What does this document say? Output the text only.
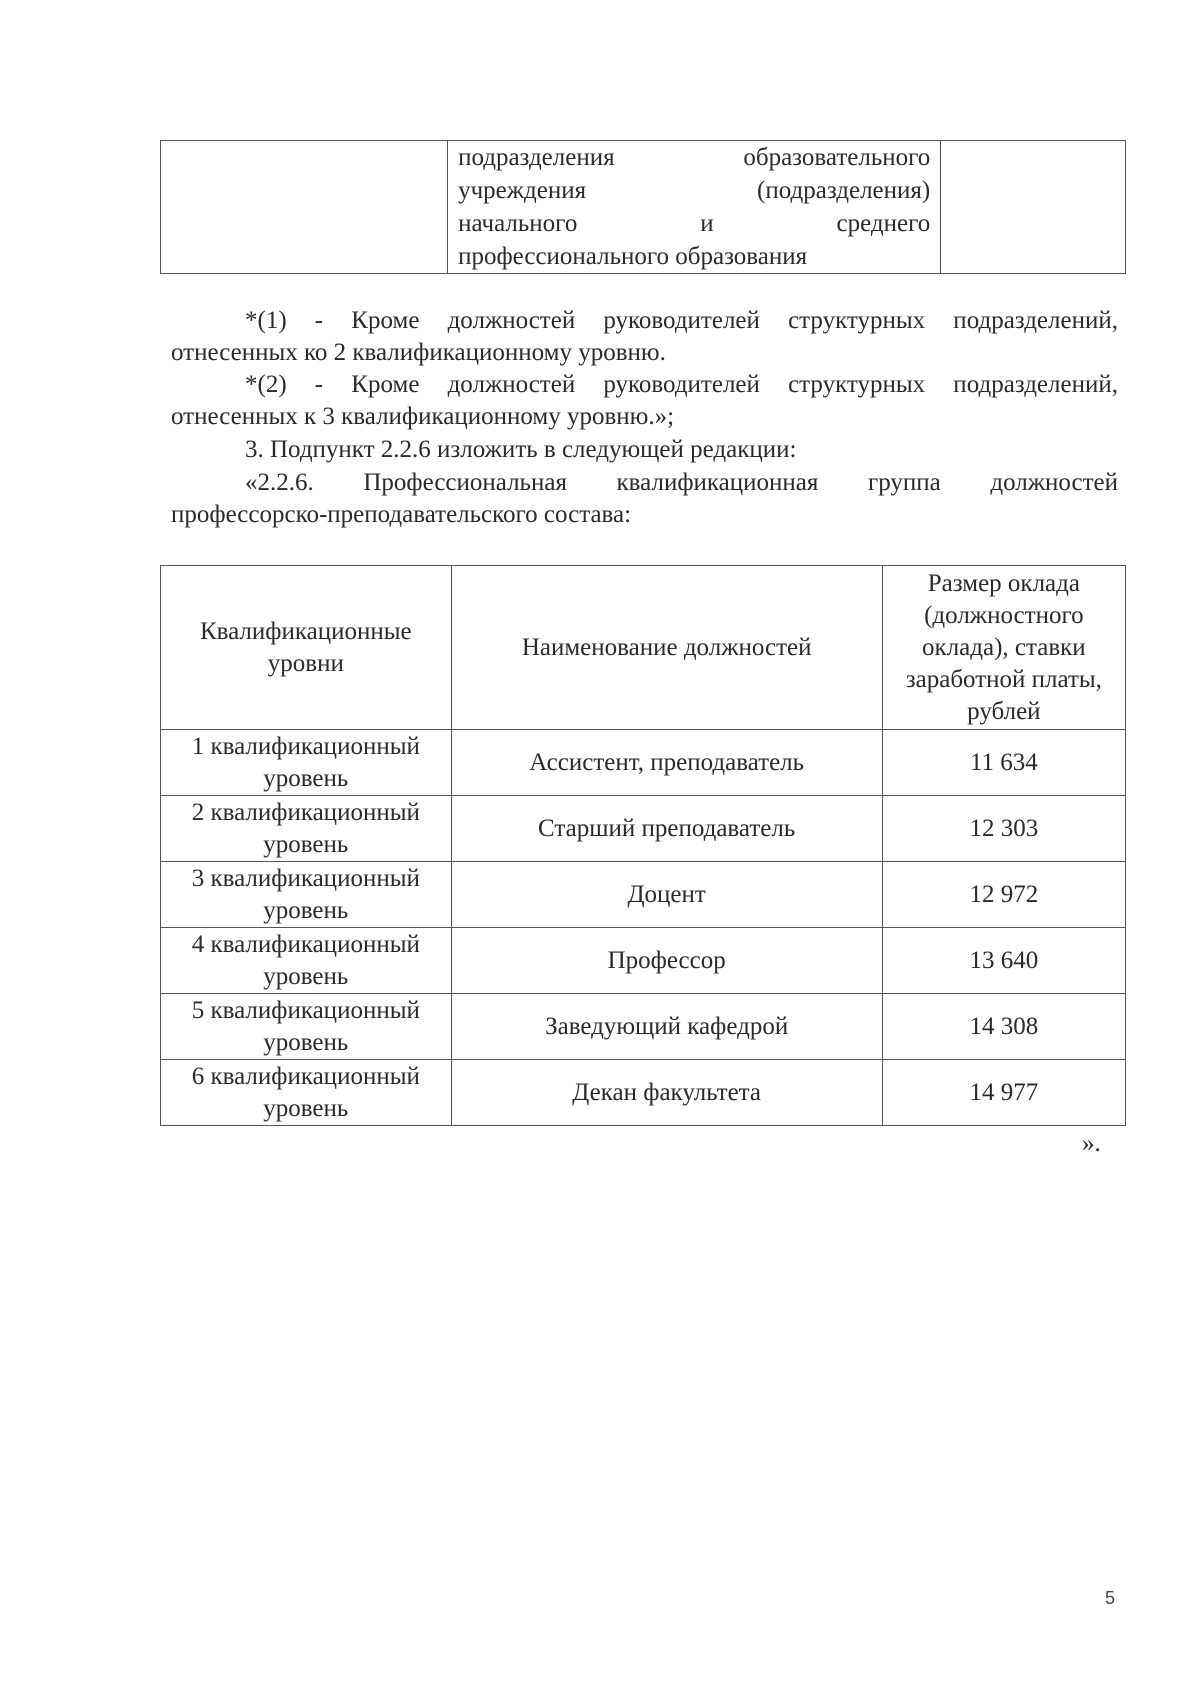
подразделения образовательного
учреждения (подразделения)
начального и среднего
профессионального образования

*(1) - Кроме должностей руководителей структурных подразделений,
отнесенных ко 2 квалификационному уровню.
*(2) - Кроме должностей руководителей структурных подразделений,
отнесенных к 3 квалификационному уровню.»;
3. Подпункт 2.2.6 изложить в следующей редакции:
«2.2.6. Профессиональная квалификационная группа должностей
профессорско-преподавательского состава:
Квалификационные уровни	Наименование должностей	Размер оклада (должностного оклада), ставки заработной платы, рублей

1 квалификационный
уровень	Ассистент, преподаватель	11 634

2 квалификационный
уровень	Старший преподаватель	12 303

3 квалификационный
уровень	Доцент	12 972

4 квалификационный
уровень	Профессор	13 640

5 квалификационный
уровень	Заведующий кафедрой	14 308

6 квалификационный
уровень	Декан факультета	14 977
».
5
